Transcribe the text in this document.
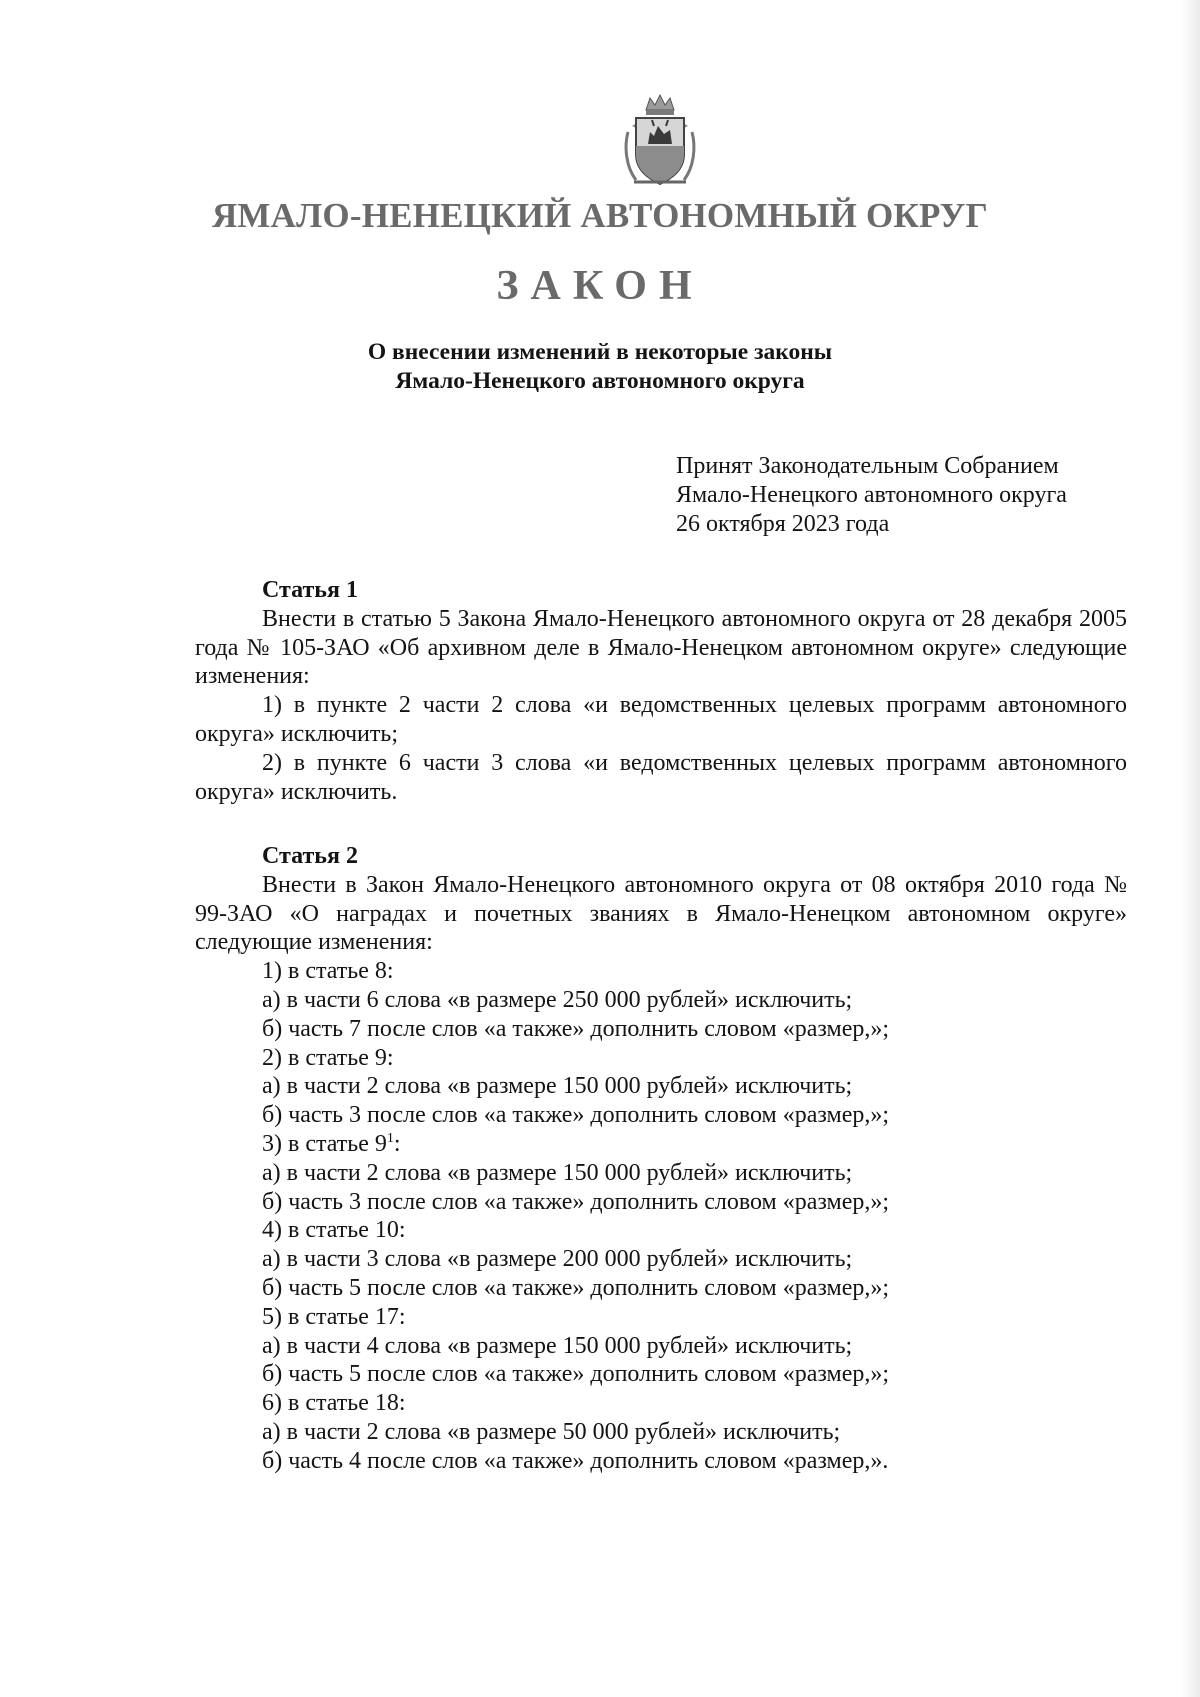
ЯМАЛО-НЕНЕЦКИЙ АВТОНОМНЫЙ ОКРУГ
ЗАКОН
О внесении изменений в некоторые законы
Ямало-Ненецкого автономного округа
Принят Законодательным Собранием
Ямало-Ненецкого автономного округа
26 октября 2023 года
Статья 1
Внести в статью 5 Закона Ямало-Ненецкого автономного округа от 28 декабря 2005 года № 105-ЗАО «Об архивном деле в Ямало-Ненецком автономном округе» следующие изменения:
1) в пункте 2 части 2 слова «и ведомственных целевых программ автономного округа» исключить;
2) в пункте 6 части 3 слова «и ведомственных целевых программ автономного округа» исключить.
Статья 2
Внести в Закон Ямало-Ненецкого автономного округа от 08 октября 2010 года № 99-ЗАО «О наградах и почетных званиях в Ямало-Ненецком автономном округе» следующие изменения:
1) в статье 8:
а) в части 6 слова «в размере 250 000 рублей» исключить;
б) часть 7 после слов «а также» дополнить словом «размер,»;
2) в статье 9:
а) в части 2 слова «в размере 150 000 рублей» исключить;
б) часть 3 после слов «а также» дополнить словом «размер,»;
3) в статье $9^1$:
а) в части 2 слова «в размере 150 000 рублей» исключить;
б) часть 3 после слов «а также» дополнить словом «размер,»;
4) в статье 10:
а) в части 3 слова «в размере 200 000 рублей» исключить;
б) часть 5 после слов «а также» дополнить словом «размер,»;
5) в статье 17:
а) в части 4 слова «в размере 150 000 рублей» исключить;
б) часть 5 после слов «а также» дополнить словом «размер,»;
6) в статье 18:
а) в части 2 слова «в размере 50 000 рублей» исключить;
б) часть 4 после слов «а также» дополнить словом «размер,».
